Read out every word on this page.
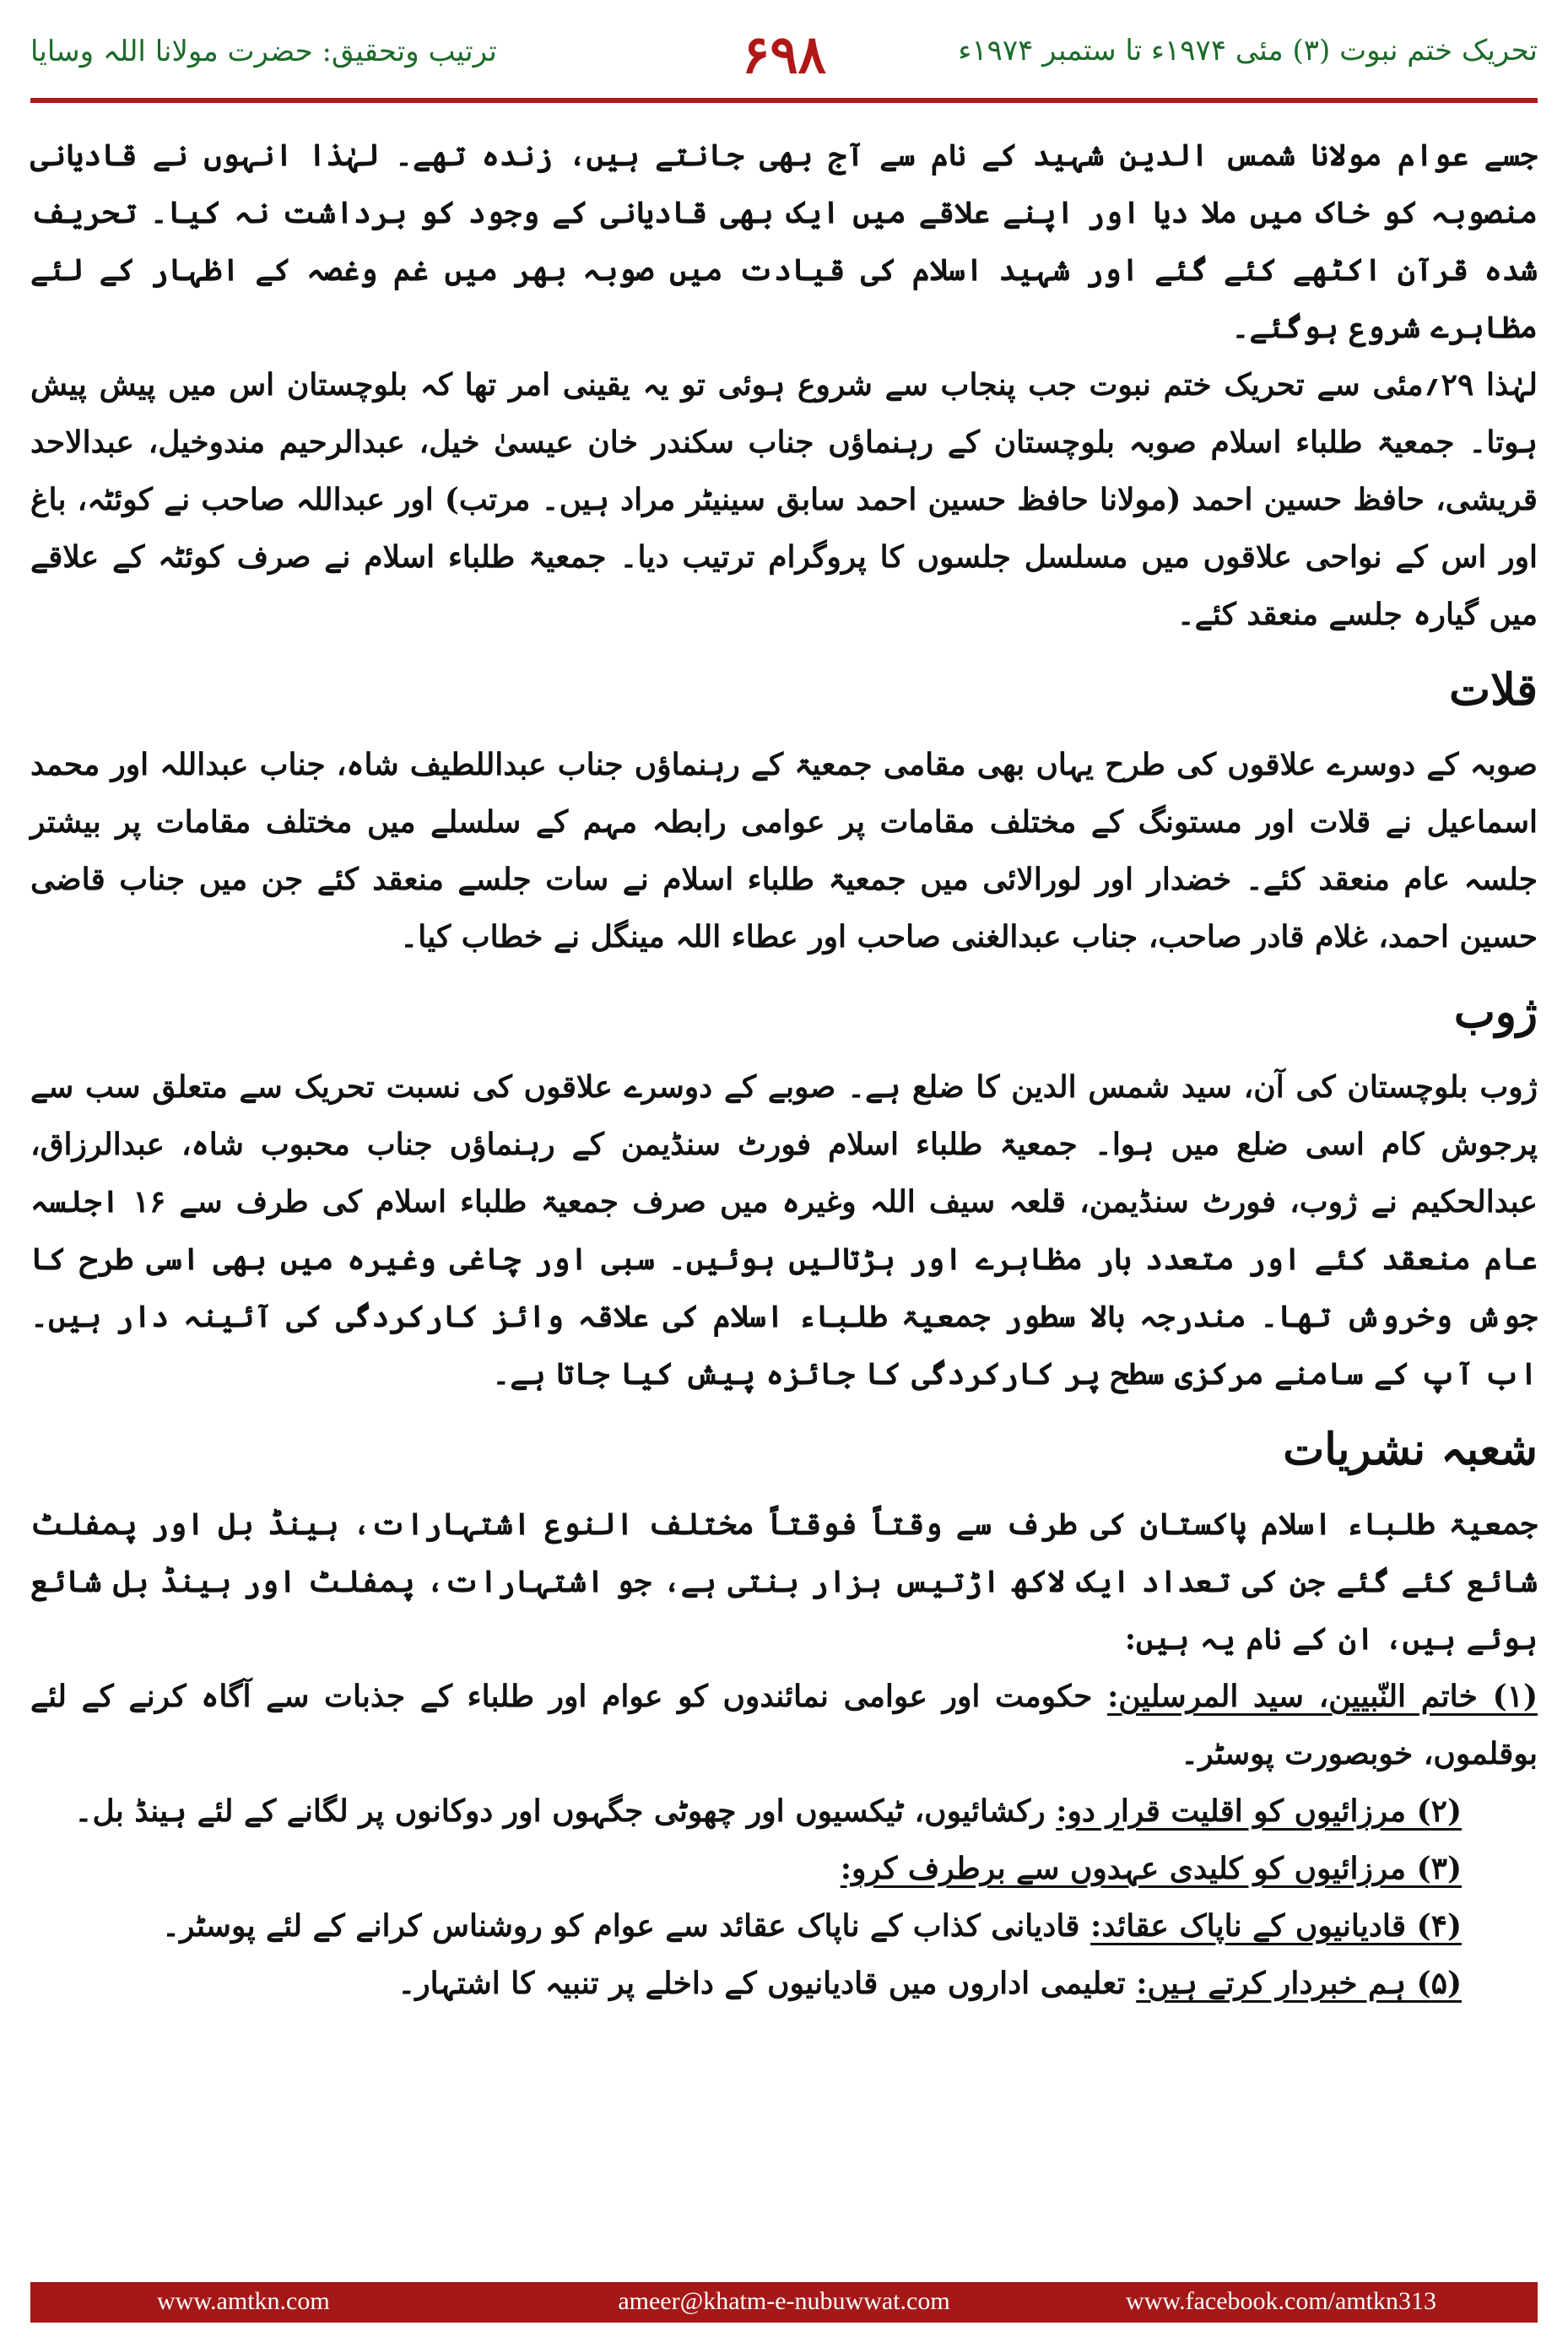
ترتیب وتحقیق: حضرت مولانا اللہ وسایا	۶۹۸	تحریک ختم نبوت (۳) مئی ۱۹۷۴ء تا ستمبر ۱۹۷۴ء

جسے عوام مولانا شمس الدین شہید کے نام سے آج بھی جانتے ہیں، زندہ تھے۔ لہٰذا انہوں نے قادیانی منصوبہ کو خاک میں ملا دیا اور اپنے علاقے میں ایک بھی قادیانی کے وجود کو برداشت نہ کیا۔ تحریف شدہ قرآن اکٹھے کئے گئے اور شہید اسلام کی قیادت میں صوبہ بھر میں غم وغصہ کے اظہار کے لئے مظاہرے شروع ہوگئے۔

لہٰذا ۲۹؍مئی سے تحریک ختم نبوت جب پنجاب سے شروع ہوئی تو یہ یقینی امر تھا کہ بلوچستان اس میں پیش پیش ہوتا۔ جمعیۃ طلباء اسلام صوبہ بلوچستان کے رہنماؤں جناب سکندر خان عیسیٰ خیل، عبدالرحیم مندوخیل، عبدالاحد قریشی، حافظ حسین احمد (مولانا حافظ حسین احمد سابق سینیٹر مراد ہیں۔ مرتب) اور عبداللہ صاحب نے کوئٹہ، باغ اور اس کے نواحی علاقوں میں مسلسل جلسوں کا پروگرام ترتیب دیا۔ جمعیۃ طلباء اسلام نے صرف کوئٹہ کے علاقے میں گیارہ جلسے منعقد کئے۔

قلات

صوبہ کے دوسرے علاقوں کی طرح یہاں بھی مقامی جمعیۃ کے رہنماؤں جناب عبداللطیف شاہ، جناب عبداللہ اور محمد اسماعیل نے قلات اور مستونگ کے مختلف مقامات پر عوامی رابطہ مہم کے سلسلے میں مختلف مقامات پر بیشتر جلسہ عام منعقد کئے۔ خضدار اور لورالائی میں جمعیۃ طلباء اسلام نے سات جلسے منعقد کئے جن میں جناب قاضی حسین احمد، غلام قادر صاحب، جناب عبدالغنی صاحب اور عطاء اللہ مینگل نے خطاب کیا۔

ژوب

ژوب بلوچستان کی آن، سید شمس الدین کا ضلع ہے۔ صوبے کے دوسرے علاقوں کی نسبت تحریک سے متعلق سب سے پرجوش کام اسی ضلع میں ہوا۔ جمعیۃ طلباء اسلام فورٹ سنڈیمن کے رہنماؤں جناب محبوب شاہ، عبدالرزاق، عبدالحکیم نے ژوب، فورٹ سنڈیمن، قلعہ سیف اللہ وغیرہ میں صرف جمعیۃ طلباء اسلام کی طرف سے ۱۶ اجلسہ عام منعقد کئے اور متعدد بار مظاہرے اور ہڑتالیں ہوئیں۔ سبی اور چاغی وغیرہ میں بھی اسی طرح کا جوش وخروش تھا۔ مندرجہ بالا سطور جمعیۃ طلباء اسلام کی علاقہ وائز کارکردگی کی آئینہ دار ہیں۔ اب آپ کے سامنے مرکزی سطح پر کارکردگی کا جائزہ پیش کیا جاتا ہے۔

شعبہ نشریات

جمعیۃ طلباء اسلام پاکستان کی طرف سے وقتاً فوقتاً مختلف النوع اشتہارات، ہینڈ بل اور پمفلٹ شائع کئے گئے جن کی تعداد ایک لاکھ اڑتیس ہزار بنتی ہے، جو اشتہارات، پمفلٹ اور ہینڈ بل شائع ہوئے ہیں، ان کے نام یہ ہیں:

(۱) خاتم النّبیین، سید المرسلین: حکومت اور عوامی نمائندوں کو عوام اور طلباء کے جذبات سے آگاہ کرنے کے لئے بوقلموں، خوبصورت پوسٹر۔

(۲) مرزائیوں کو اقلیت قرار دو: رکشائیوں، ٹیکسیوں اور چھوٹی جگہوں اور دوکانوں پر لگانے کے لئے ہینڈ بل۔

(۳) مرزائیوں کو کلیدی عہدوں سے برطرف کرو:

(۴) قادیانیوں کے ناپاک عقائد: قادیانی کذاب کے ناپاک عقائد سے عوام کو روشناس کرانے کے لئے پوسٹر۔

(۵) ہم خبردار کرتے ہیں: تعلیمی اداروں میں قادیانیوں کے داخلے پر تنبیہ کا اشتہار۔

ameer@khatm-e-nubuwwat.com
www.amtkn.com	www.facebook.com/amtkn313
